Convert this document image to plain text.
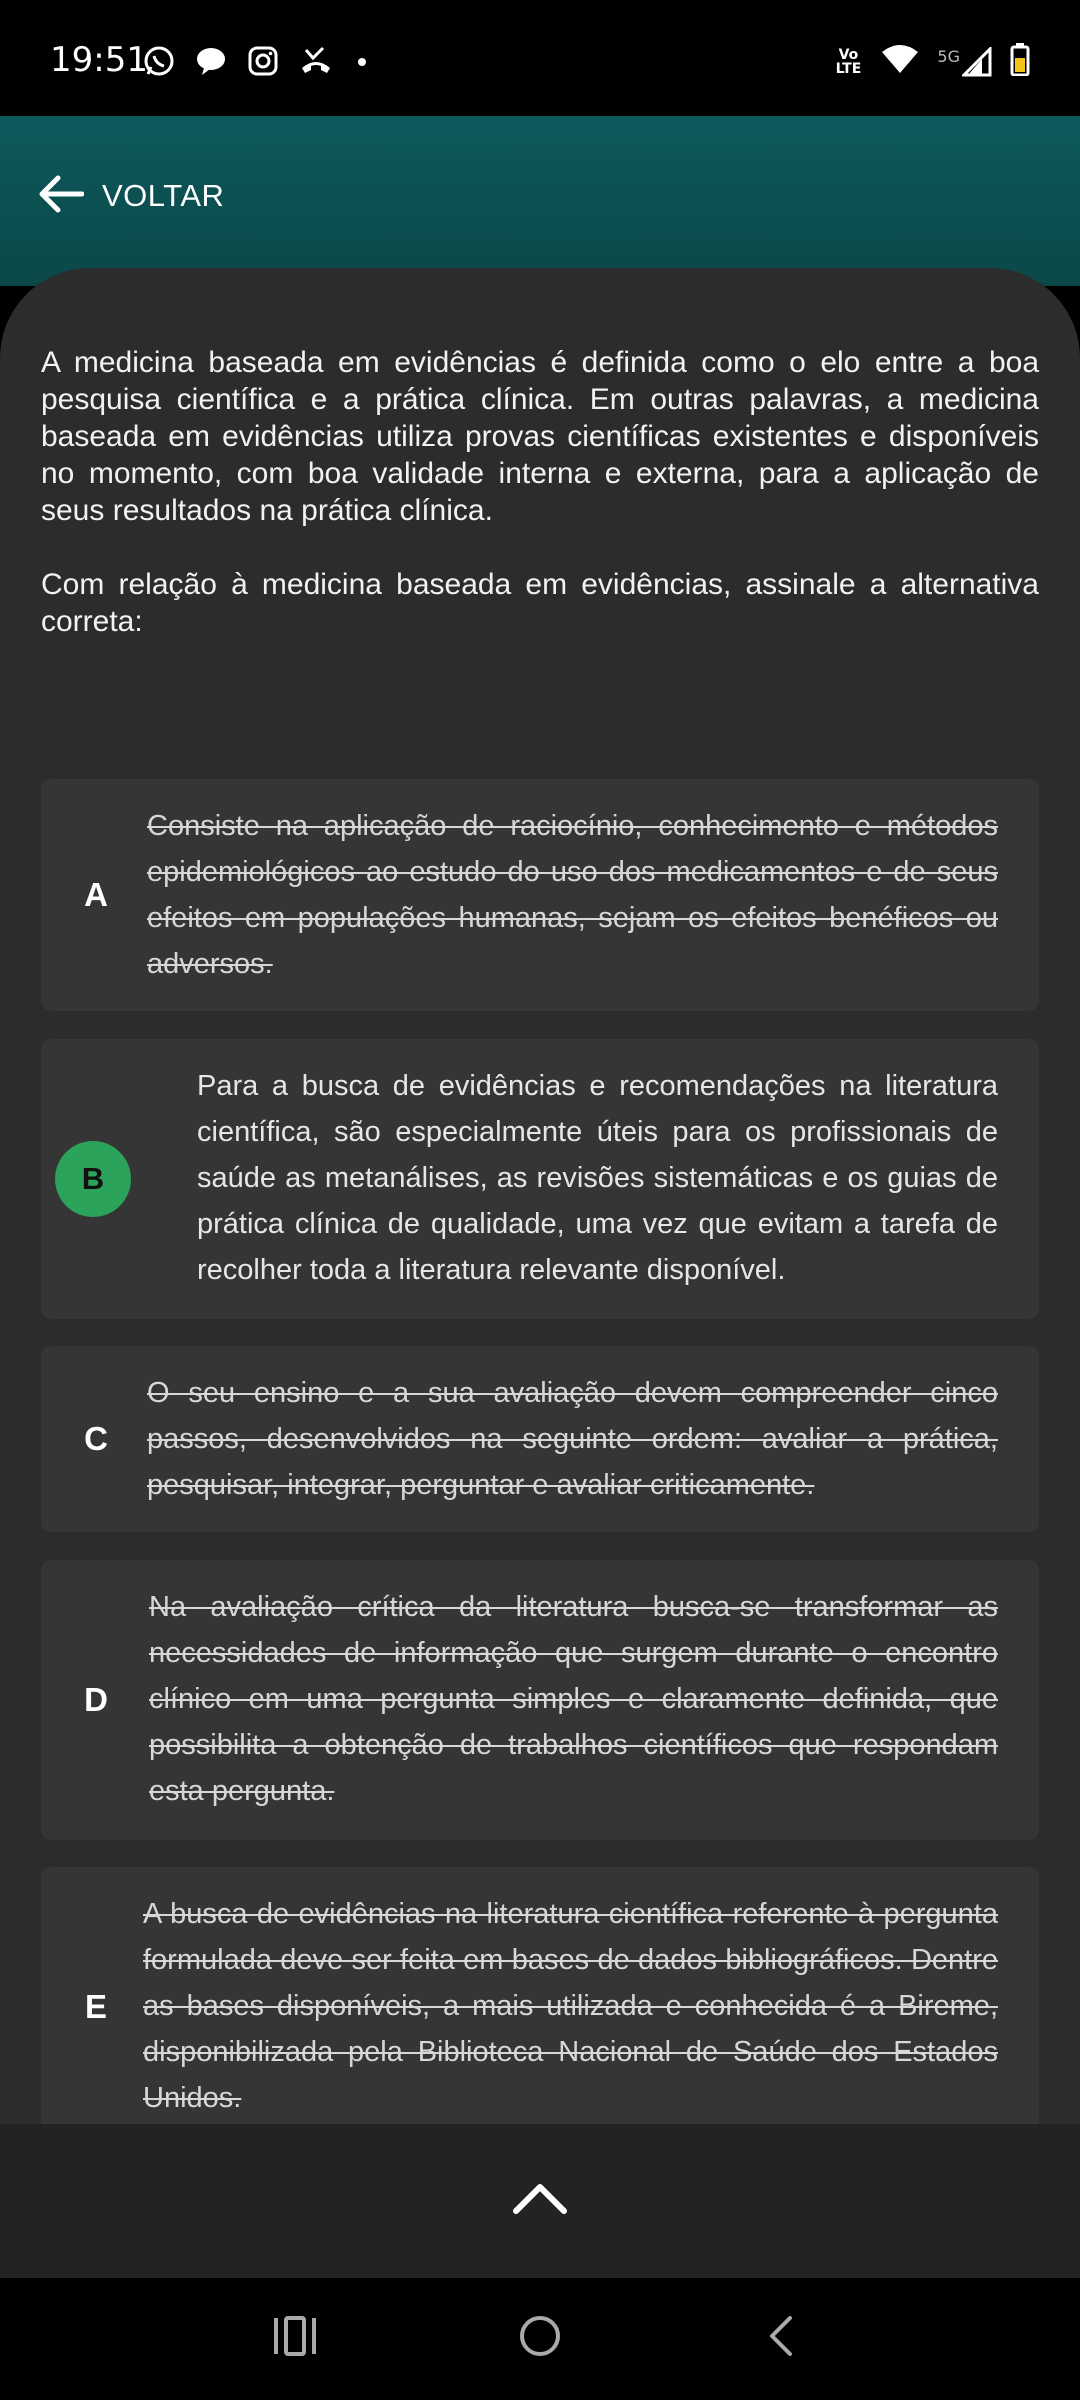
19:51	Vo LTE
5G
VOLTAR

A medicina baseada em evidências é definida como o elo entre a boa pesquisa científica e a prática clínica. Em outras palavras, a medicina baseada em evidências utiliza provas científicas existentes e disponíveis no momento, com boa validade interna e externa, para a aplicação de seus resultados na prática clínica.

Com relação à medicina baseada em evidências, assinale a alternativa correta:

A
Consiste na aplicação de raciocínio, conhecimento e métodos epidemiológicos ao estudo do uso dos medicamentos e de seus efeitos em populações humanas, sejam os efeitos benéficos ou adversos.
B
Para a busca de evidências e recomendações na literatura científica, são especialmente úteis para os profissionais de saúde as metanálises, as revisões sistemáticas e os guias de prática clínica de qualidade, uma vez que evitam a tarefa de recolher toda a literatura relevante disponível.
C
O seu ensino e a sua avaliação devem compreender cinco passos, desenvolvidos na seguinte ordem: avaliar a prática, pesquisar, integrar, perguntar e avaliar criticamente.
D
Na avaliação crítica da literatura busca-se transformar as necessidades de informação que surgem durante o encontro clínico em uma pergunta simples e claramente definida, que possibilita a obtenção de trabalhos científicos que respondam esta pergunta.
E
A busca de evidências na literatura científica referente à pergunta formulada deve ser feita em bases de dados bibliográficos. Dentre as bases disponíveis, a mais utilizada e conhecida é a Bireme, disponibilizada pela Biblioteca Nacional de Saúde dos Estados Unidos.
